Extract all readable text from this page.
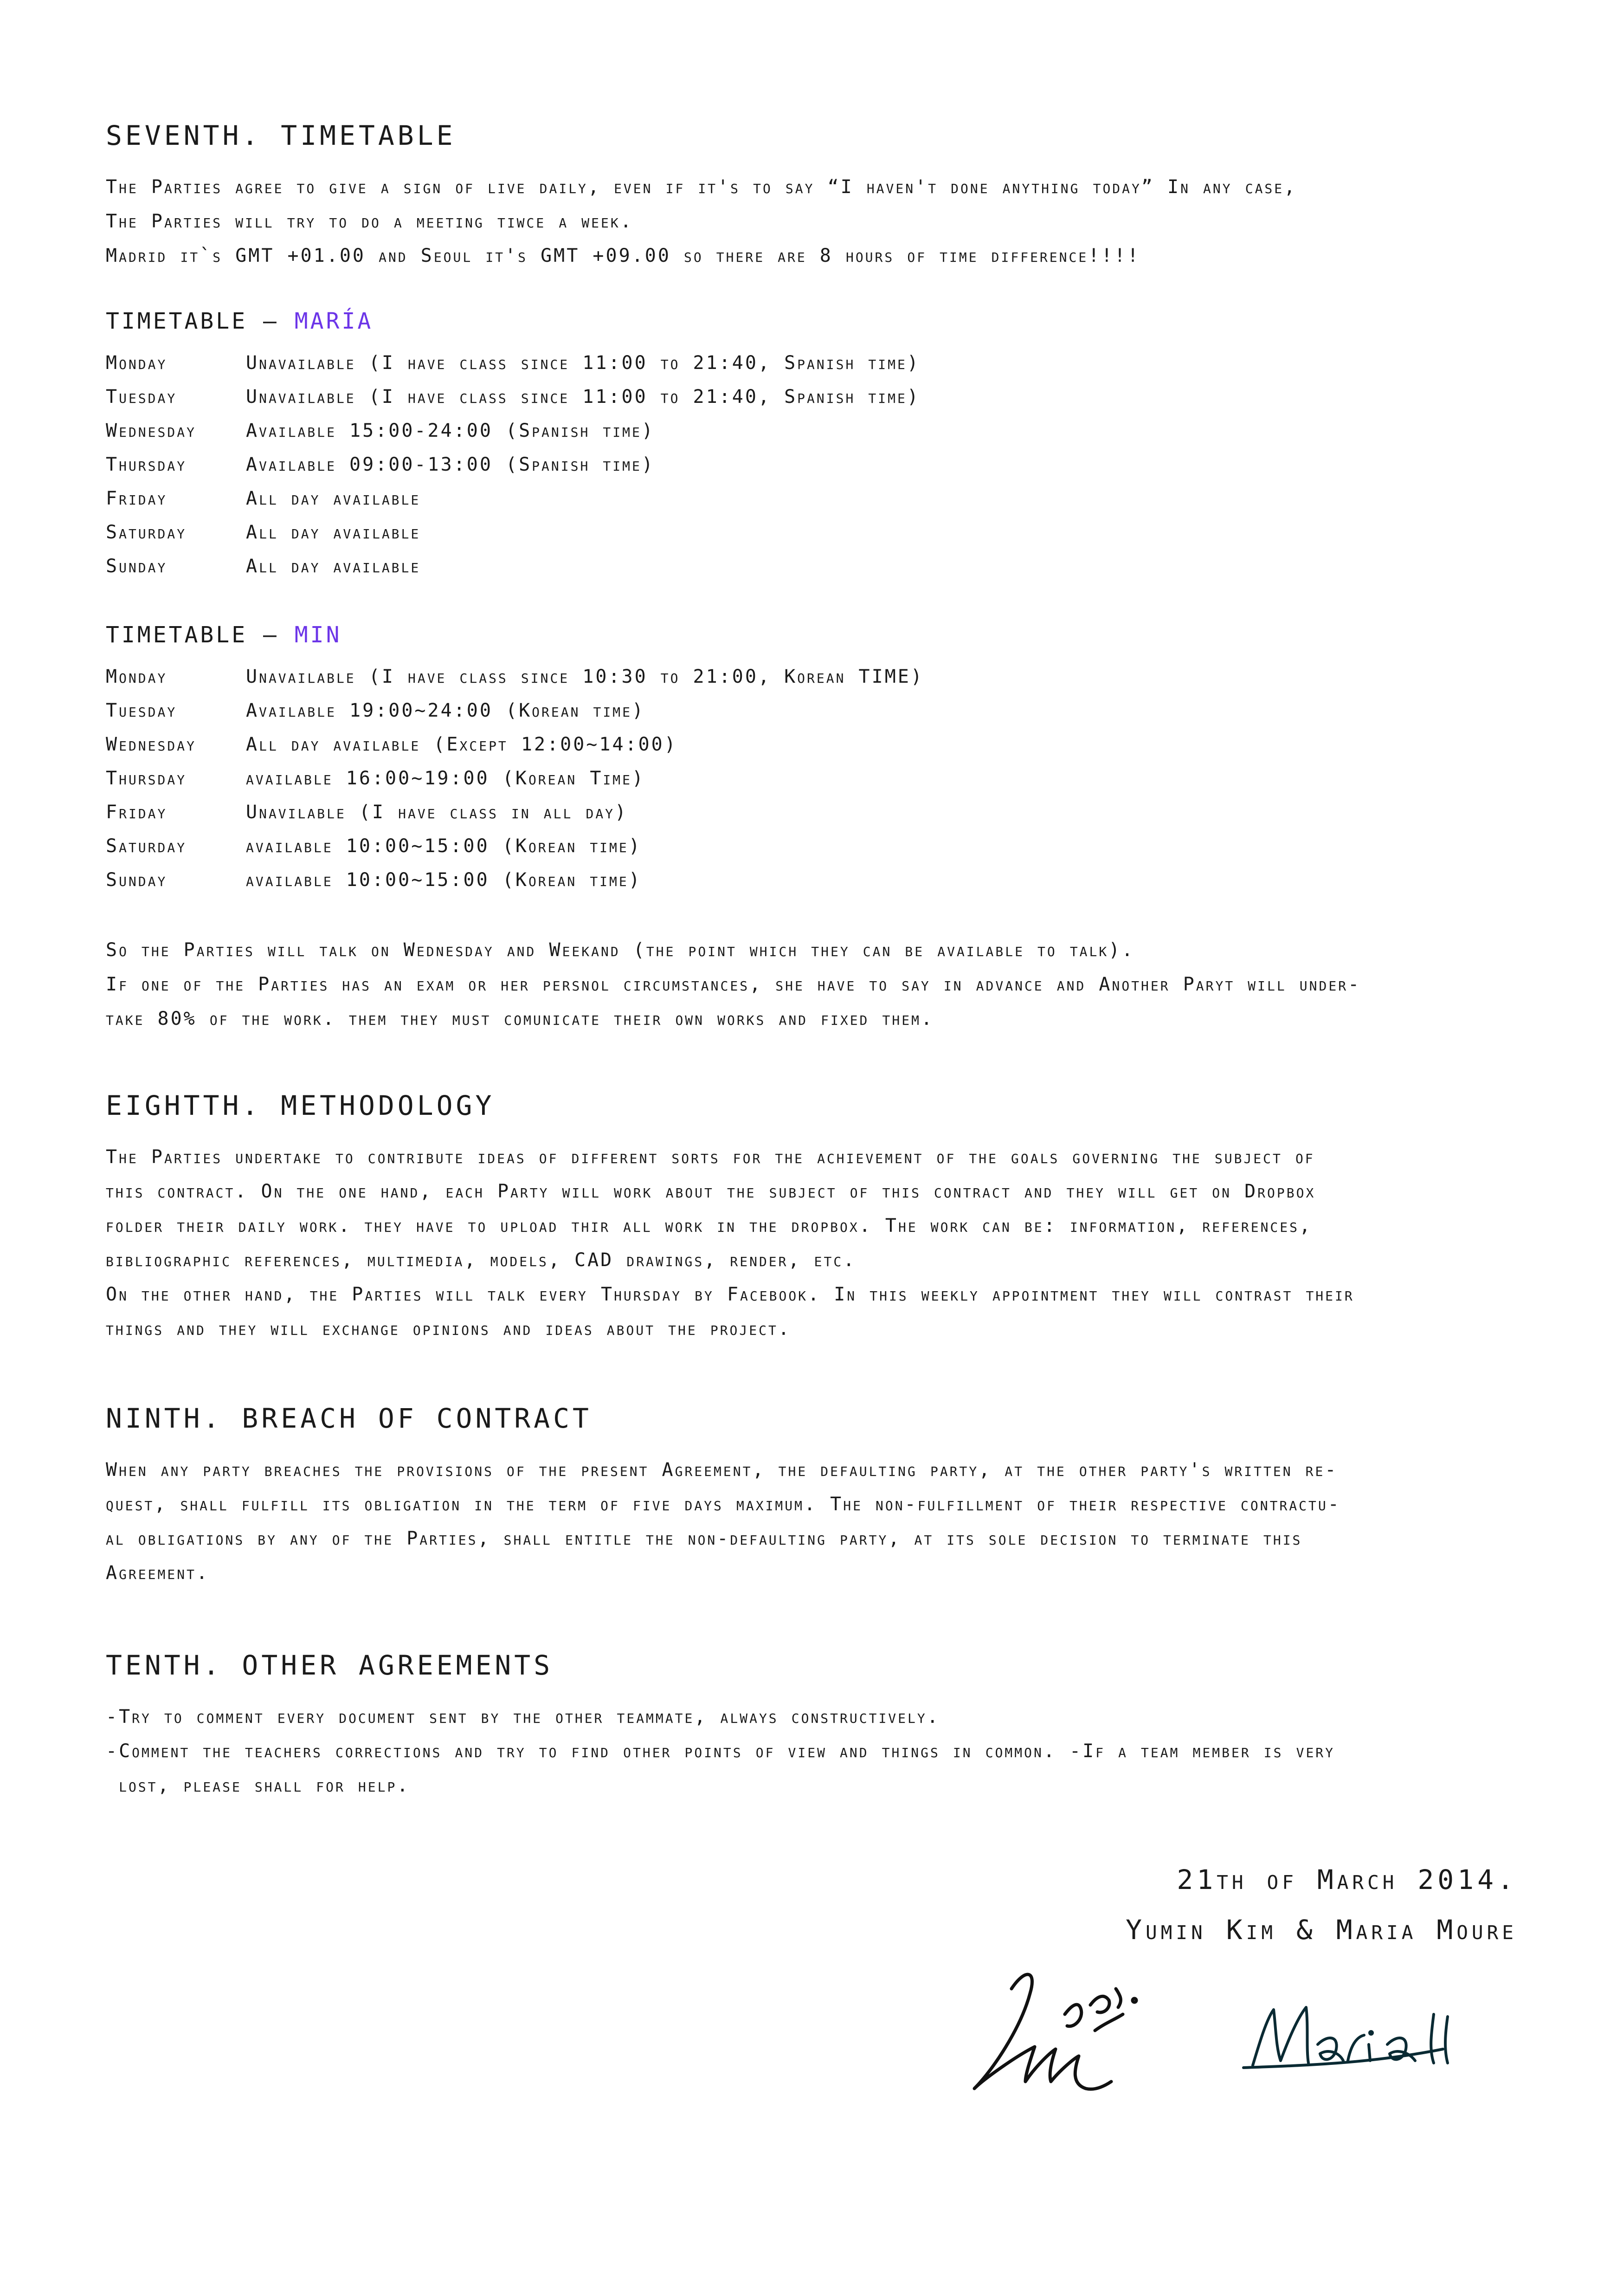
SEVENTH. TIMETABLE
The Parties agree to give a sign of live daily, even if it's to say “I haven't done anything today” In any case,
The Parties will try to do a meeting tiwce a week.
Madrid it`s GMT +01.00 and Seoul it's GMT +09.00 so there are 8 hours of time difference!!!!
TIMETABLE – MARÍA
Monday	Unavailable (I have class since 11:00 to 21:40, Spanish time)
Tuesday	Unavailable (I have class since 11:00 to 21:40, Spanish time)
Wednesday	Available 15:00-24:00 (Spanish time)
Thursday	Available 09:00-13:00 (Spanish time)
Friday	All day available
Saturday	All day available
Sunday	All day available
TIMETABLE – MIN
Monday	Unavailable (I have class since 10:30 to 21:00, Korean TIME)
Tuesday	Available 19:00~24:00 (Korean time)
Wednesday	All day available (Except 12:00~14:00)
Thursday	available 16:00~19:00 (Korean Time)
Friday	Unavilable (I have class in all day)
Saturday	available 10:00~15:00 (Korean time)
Sunday	available 10:00~15:00 (Korean time)
So the Parties will talk on Wednesday and Weekand (the point which they can be available to talk).
If one of the Parties has an exam or her persnol circumstances, she have to say in advance and Another Paryt will under-
take 80% of the work. them they must comunicate their own works and fixed them.
EIGHTTH. METHODOLOGY
The Parties undertake to contribute ideas of different sorts for the achievement of the goals governing the subject of
this contract. On the one hand, each Party will work about the subject of this contract and they will get on Dropbox
folder their daily work. they have to upload thir all work in the dropbox. The work can be: information, references,
bibliographic references, multimedia, models, CAD drawings, render, etc.
On the other hand, the Parties will talk every Thursday by Facebook. In this weekly appointment they will contrast their
things and they will exchange opinions and ideas about the project.
NINTH. BREACH OF CONTRACT
When any party breaches the provisions of the present Agreement, the defaulting party, at the other party's written re-
quest, shall fulfill its obligation in the term of five days maximum. The non-fulfillment of their respective contractu-
al obligations by any of the Parties, shall entitle the non-defaulting party, at its sole decision to terminate this
Agreement.
TENTH. OTHER AGREEMENTS
-Try to comment every document sent by the other teammate, always constructively.
-Comment the teachers corrections and try to find other points of view and things in common. -If a team member is very
lost, please shall for help.
21th of March 2014.
Yumin Kim & Maria Moure
